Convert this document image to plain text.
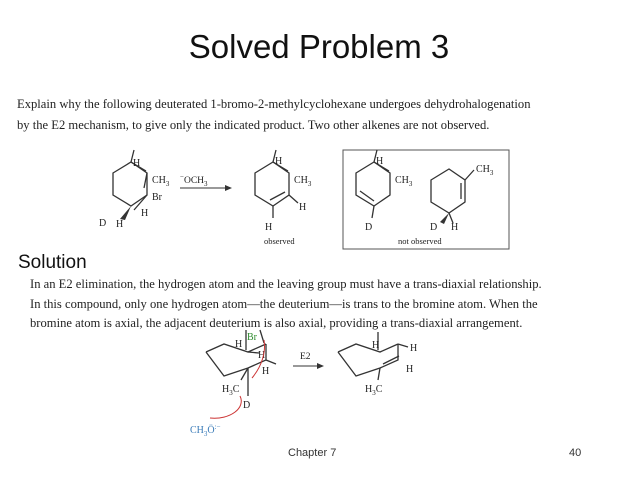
Solved Problem 3
Explain why the following deuterated 1-bromo-2-methylcyclohexane undergoes dehydrohalogenation
by the E2 mechanism, to give only the indicated product. Two other alkenes are not observed.
H
$CH_3$
Br
H
D H
$^-OCH_3$
H
$CH_3$
H
H
observed
H
$CH_3$
D
$CH_3$
D H
not observed
H
Br
H
H
$H_3C$
D
$CH_3Ö^{:-}$
E2
H	H
H
$H_3C$
Solution
In an E2 elimination, the hydrogen atom and the leaving group must have a trans-diaxial relationship.
In this compound, only one hydrogen atom—the deuterium—is trans to the bromine atom. When the
bromine atom is axial, the adjacent deuterium is also axial, providing a trans-diaxial arrangement.
Chapter 7	40
